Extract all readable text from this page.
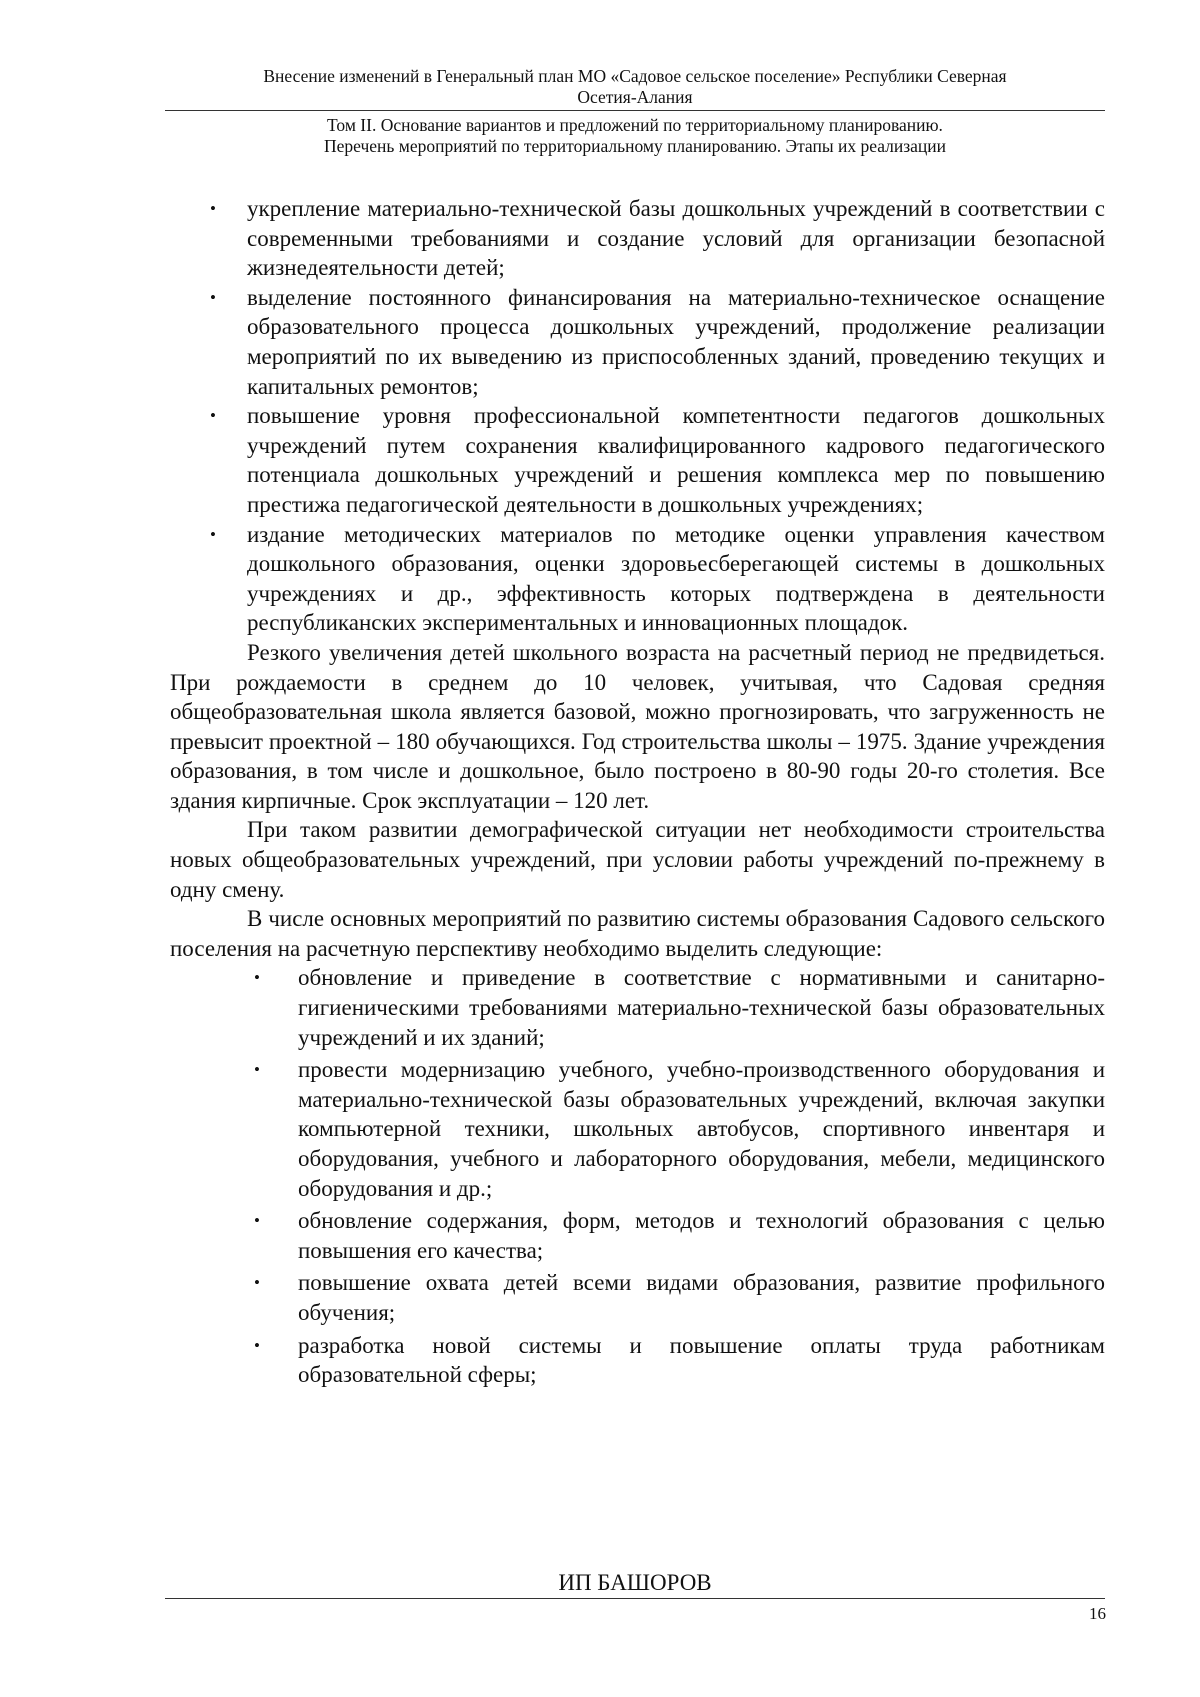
Внесение изменений в Генеральный план МО «Садовое сельское поселение» Республики Северная
Осетия-Алания
Том II. Основание вариантов и предложений по территориальному планированию.
Перечень мероприятий по территориальному планированию. Этапы их реализации
• укрепление материально-технической базы дошкольных учреждений в соответствии с современными требованиями и создание условий для организации безопасной жизнедеятельности детей;
• выделение постоянного финансирования на материально-техническое оснащение образовательного процесса дошкольных учреждений, продолжение реализации мероприятий по их выведению из приспособленных зданий, проведению текущих и капитальных ремонтов;
• повышение уровня профессиональной компетентности педагогов дошкольных учреждений путем сохранения квалифицированного кадрового педагогического потенциала дошкольных учреждений и решения комплекса мер по повышению престижа педагогической деятельности в дошкольных учреждениях;
• издание методических материалов по методике оценки управления качеством дошкольного образования, оценки здоровьесберегающей системы в дошкольных учреждениях и др., эффективность которых подтверждена в деятельности республиканских экспериментальных и инновационных площадок.

Резкого увеличения детей школьного возраста на расчетный период не предвидеться. При рождаемости в среднем до 10 человек, учитывая, что Садовая средняя общеобразовательная школа является базовой, можно прогнозировать, что загруженность не превысит проектной – 180 обучающихся. Год строительства школы – 1975. Здание учреждения образования, в том числе и дошкольное, было построено в 80-90 годы 20-го столетия. Все здания кирпичные. Срок эксплуатации – 120 лет.

При таком развитии демографической ситуации нет необходимости строительства новых общеобразовательных учреждений, при условии работы учреждений по-прежнему в одну смену.

В числе основных мероприятий по развитию системы образования Садового сельского поселения на расчетную перспективу необходимо выделить следующие:

• обновление и приведение в соответствие с нормативными и санитарно-гигиеническими требованиями материально-технической базы образовательных учреждений и их зданий;
• провести модернизацию учебного, учебно-производственного оборудования и материально-технической базы образовательных учреждений, включая закупки компьютерной техники, школьных автобусов, спортивного инвентаря и оборудования, учебного и лабораторного оборудования, мебели, медицинского оборудования и др.;
• обновление содержания, форм, методов и технологий образования с целью повышения его качества;
• повышение охвата детей всеми видами образования, развитие профильного обучения;
• разработка новой системы и повышение оплаты труда работникам образовательной сферы;
ИП БАШОРОВ
16
